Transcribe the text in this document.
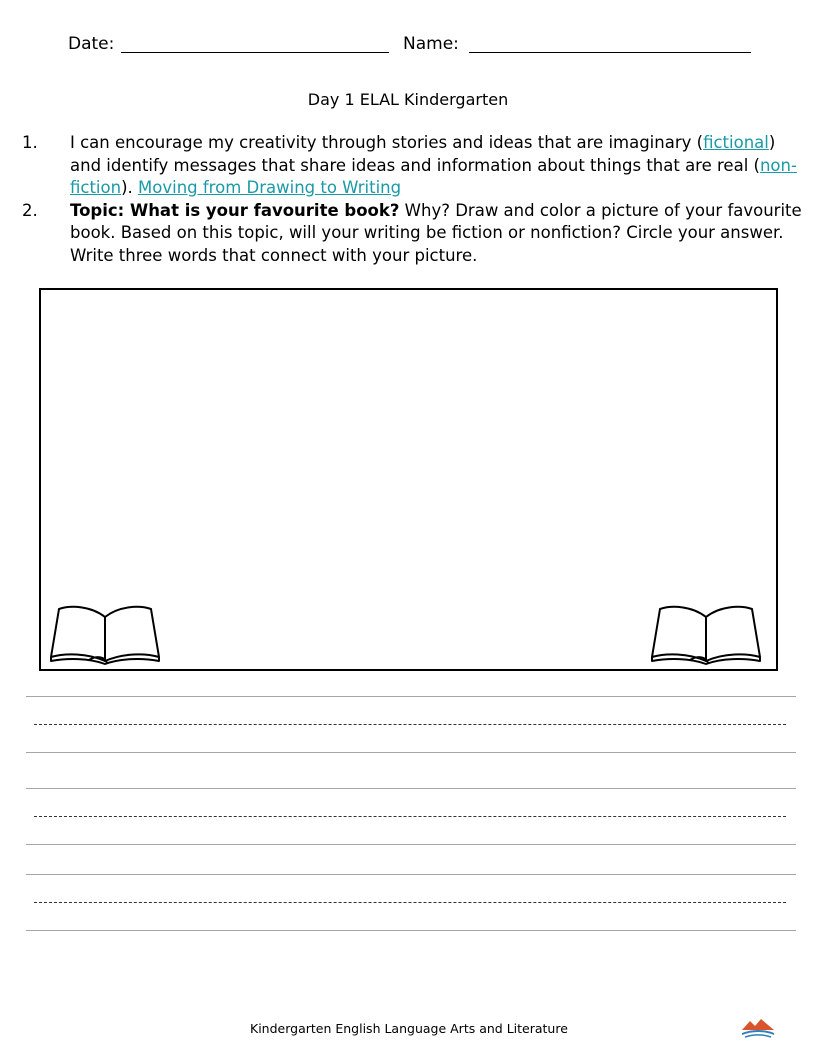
Date:	Name:
Day 1 ELAL Kindergarten
1.	I can encourage my creativity through stories and ideas that are imaginary (fictional) and identify messages that share ideas and information about things that are real (non-fiction). Moving from Drawing to Writing
2.	Topic: What is your favourite book? Why? Draw and color a picture of your favourite book. Based on this topic, will your writing be fiction or nonfiction? Circle your answer. Write three words that connect with your picture.
Kindergarten English Language Arts and Literature
